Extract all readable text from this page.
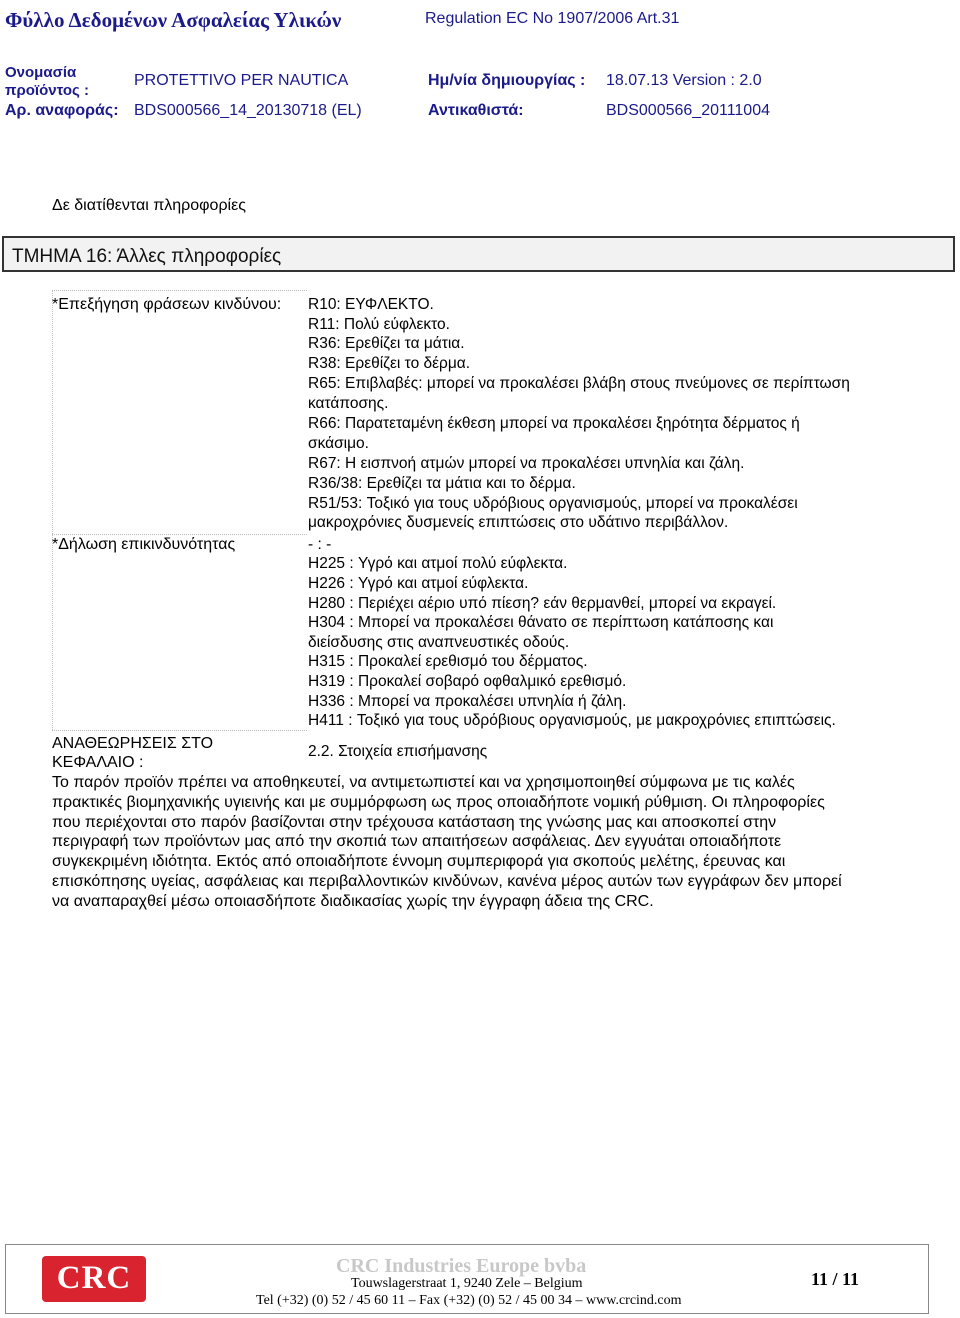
Φύλλο Δεδομένων Ασφαλείας Υλικών	Regulation EC No 1907/2006 Art.31
Ονομασία
προϊόντος :
PROTETTIVO PER NAUTICA	Ημ/νία δημιουργίας : 18.07.13 Version : 2.0
Αρ. αναφοράς: BDS000566_14_20130718 (EL)	Αντικαθιστά:	BDS000566_20111004
Δε διατίθενται πληροφορίες
ΤΜΗΜΑ 16: Άλλες πληροφορίες
*Επεξήγηση φράσεων κινδύνου: R10: ΕΥΦΛΕΚΤΟ.
R11: Πολύ εύφλεκτο.
R36: Ερεθίζει τα μάτια.
R38: Ερεθίζει το δέρμα.
R65: Επιβλαβές: μπορεί να προκαλέσει βλάβη στους πνεύμονες σε περίπτωση
κατάποσης.
R66: Παρατεταμένη έκθεση μπορεί να προκαλέσει ξηρότητα δέρματος ή
σκάσιμο.
R67: Η εισπνοή ατμών μπορεί να προκαλέσει υπνηλία και ζάλη.
R36/38: Ερεθίζει τα μάτια και το δέρμα.
R51/53: Τοξικό για τους υδρόβιους οργανισμούς, μπορεί να προκαλέσει
μακροχρόνιες δυσμενείς επιπτώσεις στο υδάτινο περιβάλλον.
*Δήλωση επικινδυνότητας	- : -
H225 : Υγρό και ατμοί πολύ εύφλεκτα.
H226 : Υγρό και ατμοί εύφλεκτα.
H280 : Περιέχει αέριο υπό πίεση? εάν θερμανθεί, μπορεί να εκραγεί.
H304 : Μπορεί να προκαλέσει θάνατο σε περίπτωση κατάποσης και
διείσδυσης στις αναπνευστικές οδούς.
H315 : Προκαλεί ερεθισμό του δέρματος.
H319 : Προκαλεί σοβαρό οφθαλμικό ερεθισμό.
H336 : Μπορεί να προκαλέσει υπνηλία ή ζάλη.
H411 : Τοξικό για τους υδρόβιους οργανισμούς, με μακροχρόνιες επιπτώσεις.
ΑΝΑΘΕΩΡΗΣΕΙΣ ΣΤΟ
ΚΕΦΑΛΑΙΟ :
2.2. Στοιχεία επισήμανσης
Το παρόν προϊόν πρέπει να αποθηκευτεί, να αντιμετωπιστεί και να χρησιμοποιηθεί σύμφωνα με τις καλές
πρακτικές βιομηχανικής υγιεινής και με συμμόρφωση ως προς οποιαδήποτε νομική ρύθμιση. Οι πληροφορίες
που περιέχονται στο παρόν βασίζονται στην τρέχουσα κατάσταση της γνώσης μας και αποσκοπεί στην
περιγραφή των προϊόντων μας από την σκοπιά των απαιτήσεων ασφάλειας. Δεν εγγυάται οποιαδήποτε
συγκεκριμένη ιδιότητα. Εκτός από οποιαδήποτε έννομη συμπεριφορά για σκοπούς μελέτης, έρευνας και
επισκόπησης υγείας, ασφάλειας και περιβαλλοντικών κινδύνων, κανένα μέρος αυτών των εγγράφων δεν μπορεί
να αναπαραχθεί μέσω οποιασδήποτε διαδικασίας χωρίς την έγγραφη άδεια της CRC.
CRC	CRC Industries Europe bvba
Touwslagerstraat 1, 9240 Zele – Belgium
Tel (+32) (0) 52 / 45 60 11 – Fax (+32) (0) 52 / 45 00 34 – www.crcind.com
11 / 11
